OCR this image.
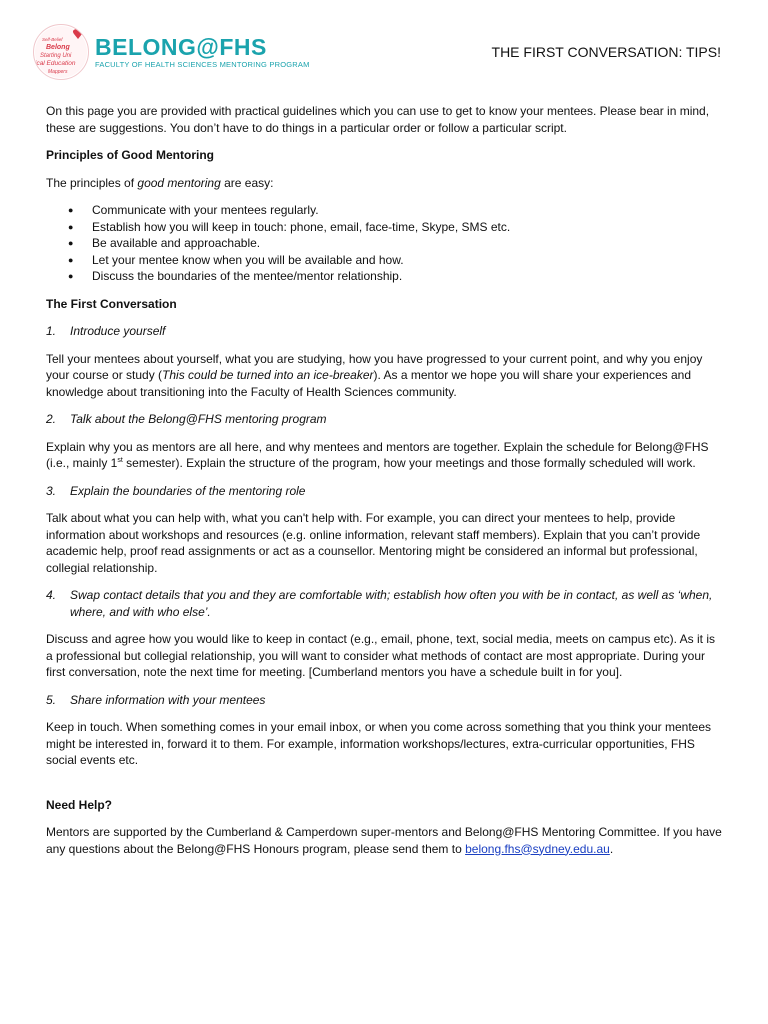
Self-Belief
Belong
Starting Uni
ical Education
Mappers
BELONG@FHS
FACULTY OF HEALTH SCIENCES MENTORING PROGRAM
THE FIRST CONVERSATION: TIPS!

On this page you are provided with practical guidelines which you can use to get to know your mentees. Please bear in mind, these are suggestions. You don’t have to do things in a particular order or follow a particular script.

Principles of Good Mentoring

The principles of good mentoring are easy:

● Communicate with your mentees regularly.
● Establish how you will keep in touch: phone, email, face-time, Skype, SMS etc.
● Be available and approachable.
● Let your mentee know when you will be available and how.
● Discuss the boundaries of the mentee/mentor relationship.

The First Conversation

1. Introduce yourself

Tell your mentees about yourself, what you are studying, how you have progressed to your current point, and why you enjoy your course or study (This could be turned into an ice-breaker). As a mentor we hope you will share your experiences and knowledge about transitioning into the Faculty of Health Sciences community.

2. Talk about the Belong@FHS mentoring program

Explain why you as mentors are all here, and why mentees and mentors are together. Explain the schedule for Belong@FHS (i.e., mainly 1st semester). Explain the structure of the program, how your meetings and those formally scheduled will work.

3. Explain the boundaries of the mentoring role

Talk about what you can help with, what you can't help with. For example, you can direct your mentees to help, provide information about workshops and resources (e.g. online information, relevant staff members). Explain that you can’t provide academic help, proof read assignments or act as a counsellor. Mentoring might be considered an informal but professional, collegial relationship.

4. Swap contact details that you and they are comfortable with; establish how often you with be in contact, as well as ‘when, where, and with who else’.

Discuss and agree how you would like to keep in contact (e.g., email, phone, text, social media, meets on campus etc). As it is a professional but collegial relationship, you will want to consider what methods of contact are most appropriate. During your first conversation, note the next time for meeting. [Cumberland mentors you have a schedule built in for you].

5. Share information with your mentees

Keep in touch. When something comes in your email inbox, or when you come across something that you think your mentees might be interested in, forward it to them. For example, information workshops/lectures, extra-curricular opportunities, FHS social events etc.

Need Help?

Mentors are supported by the Cumberland & Camperdown super-mentors and Belong@FHS Mentoring Committee. If you have any questions about the Belong@FHS Honours program, please send them to belong.fhs@sydney.edu.au.
